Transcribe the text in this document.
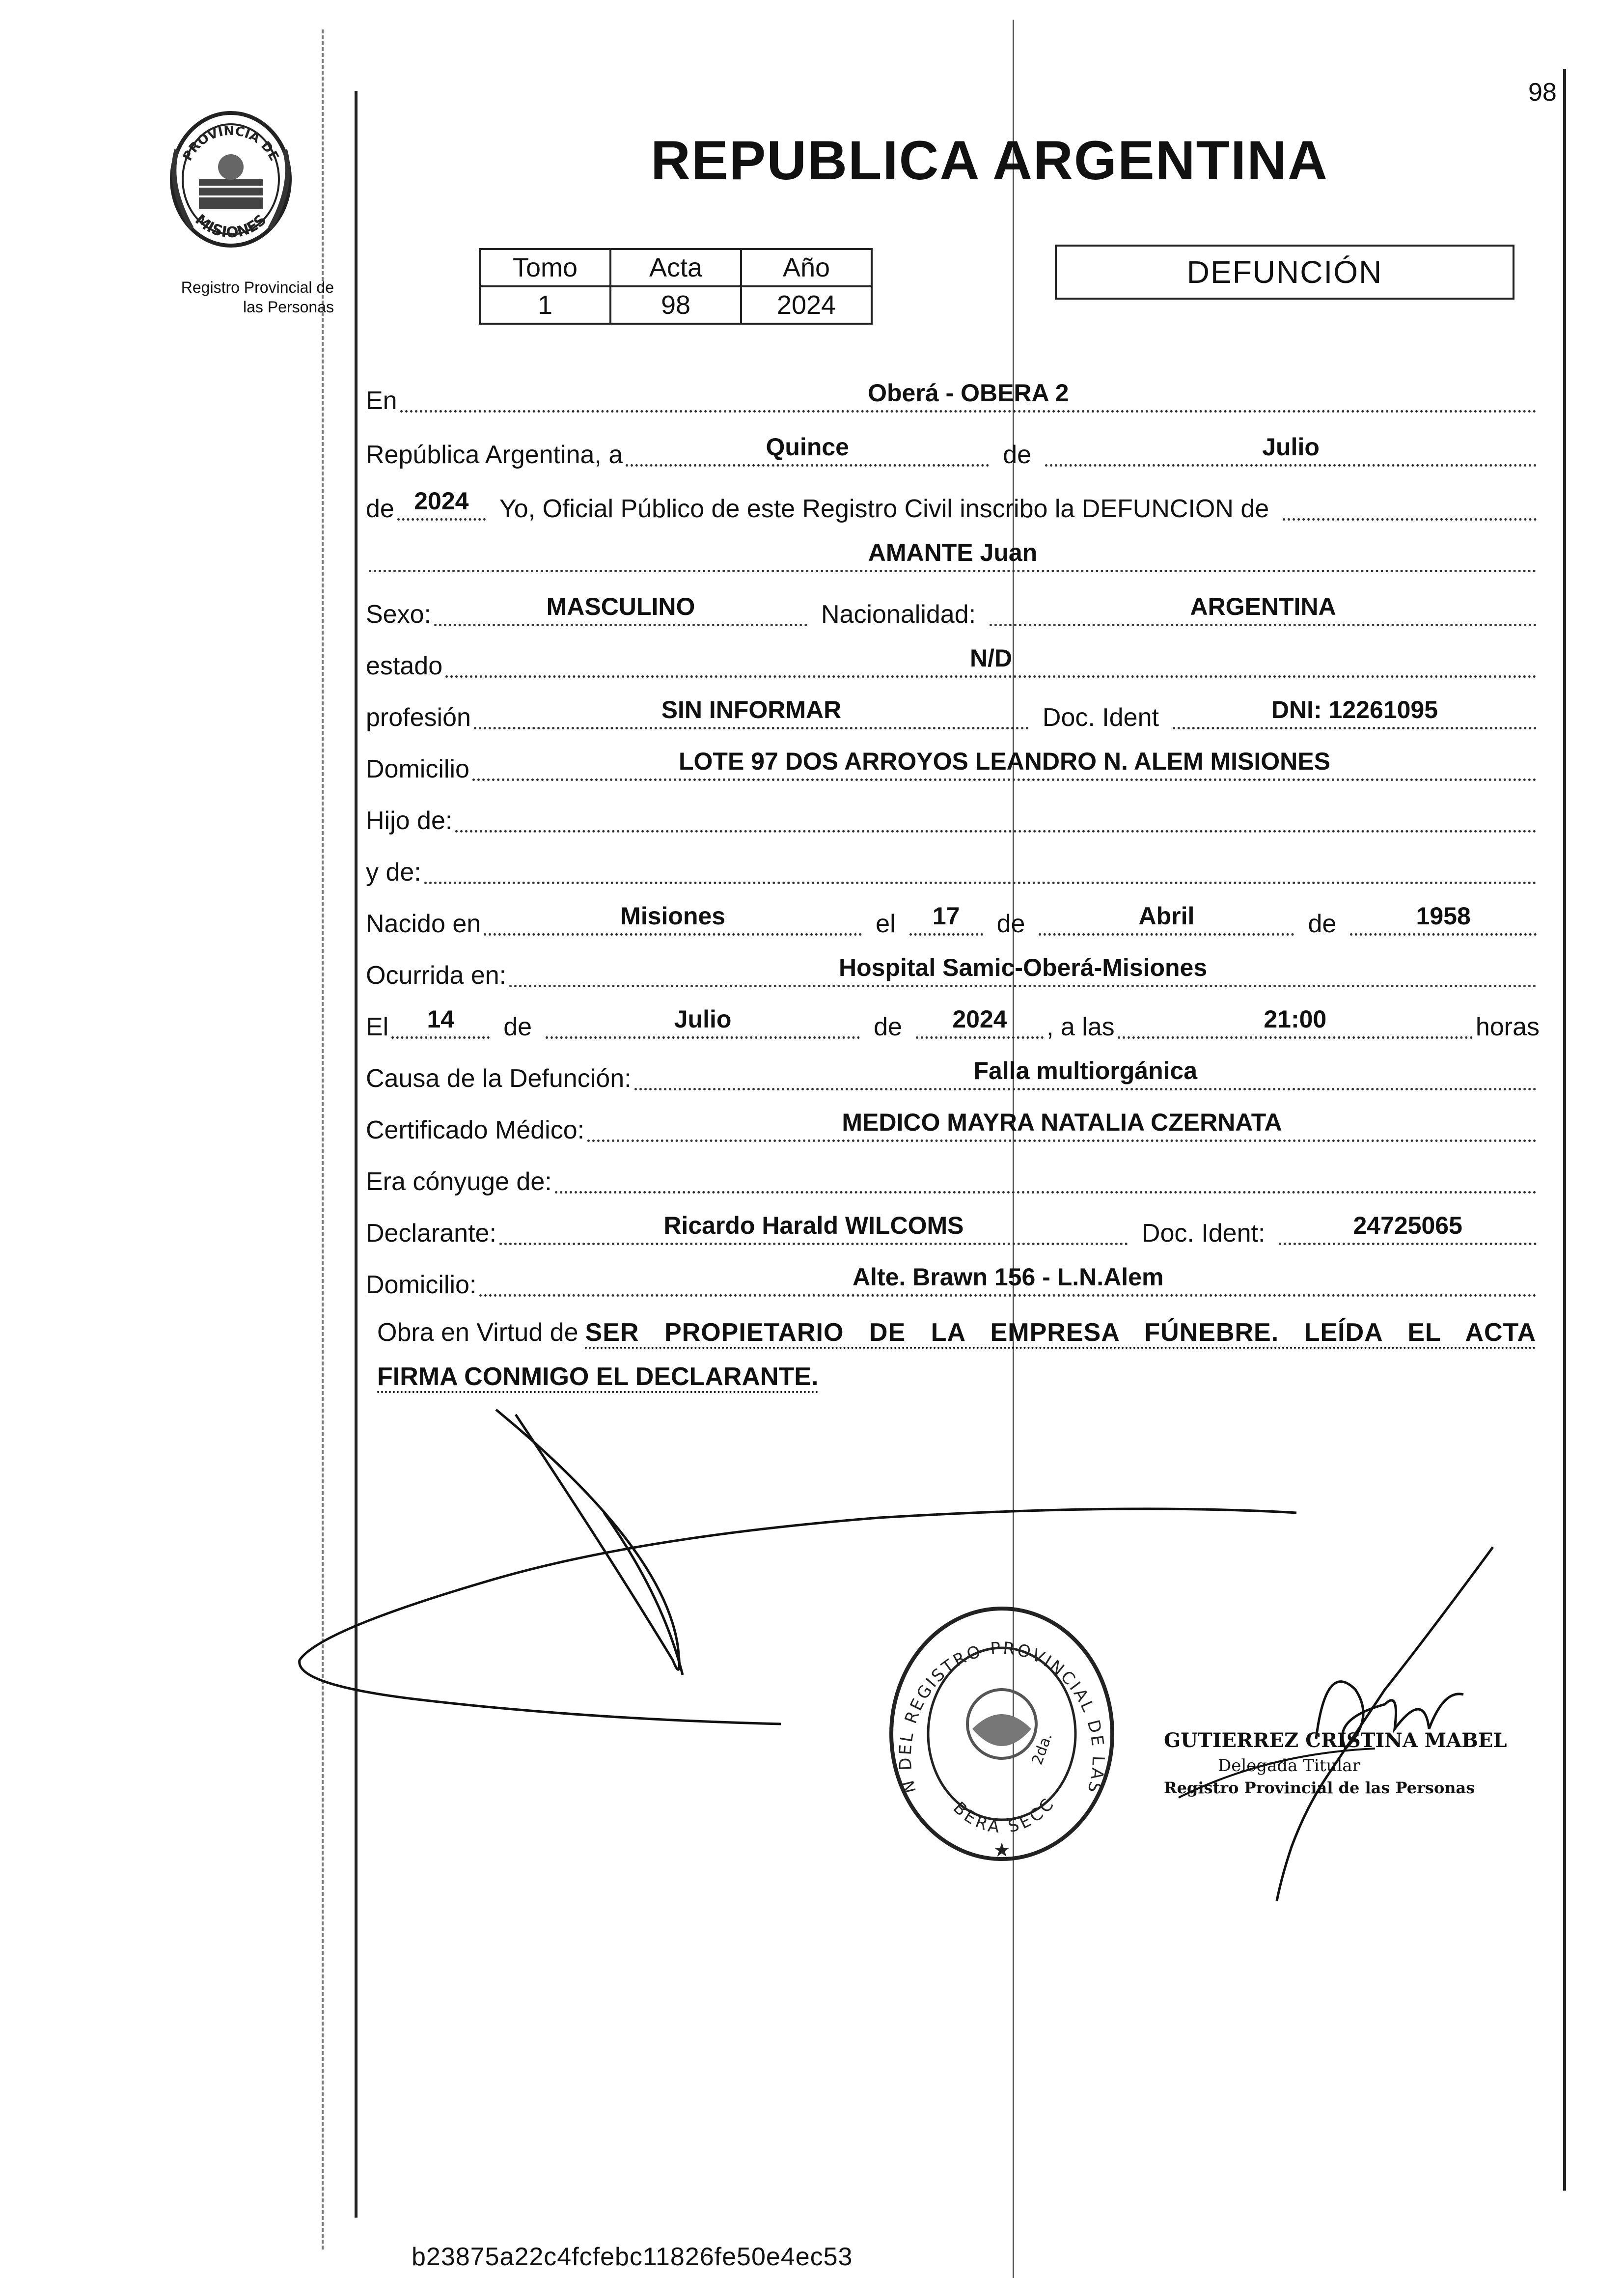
98
PROVINCIA DE
MISIONES
Registro Provincial de
las Personas
REPUBLICA ARGENTINA
Tomo	Acta	Año
1	98	2024
DEFUNCIÓN
En	Oberá - OBERA 2
República Argentina, a	Quince	de	Julio
de 2024	Yo, Oficial Público de este Registro Civil inscribo la DEFUNCION de
AMANTE Juan
Sexo:	MASCULINO	Nacionalidad:	ARGENTINA
estado	N/D
profesión	SIN INFORMAR	Doc. Ident	DNI: 12261095
Domicilio	LOTE 97 DOS ARROYOS LEANDRO N. ALEM MISIONES
Hijo de:
y de:
Nacido en	Misiones	el	17	de	Abril	de	1958
Ocurrida en:	Hospital Samic-Oberá-Misiones
El	14	de	Julio	de	2024	, a las	21:00	horas
Causa de la Defunción:	Falla multiorgánica
Certificado Médico:	MEDICO MAYRA NATALIA CZERNATA
Era cónyuge de:
Declarante:	Ricardo Harald WILCOMS	Doc. Ident:	24725065
Domicilio:	Alte. Brawn 156 - L.N.Alem
Obra en Virtud de SER PROPIETARIO DE LA EMPRESA FÚNEBRE. LEÍDA EL ACTA
FIRMA CONMIGO EL DECLARANTE.
N DEL REGISTRO PROVINCIAL DE LAS
BERA SECC
2da.
★
GUTIERREZ CRISTINA MABEL
Delegada Titular
Registro Provincial de las Personas
b23875a22c4fcfebc11826fe50e4ec53
